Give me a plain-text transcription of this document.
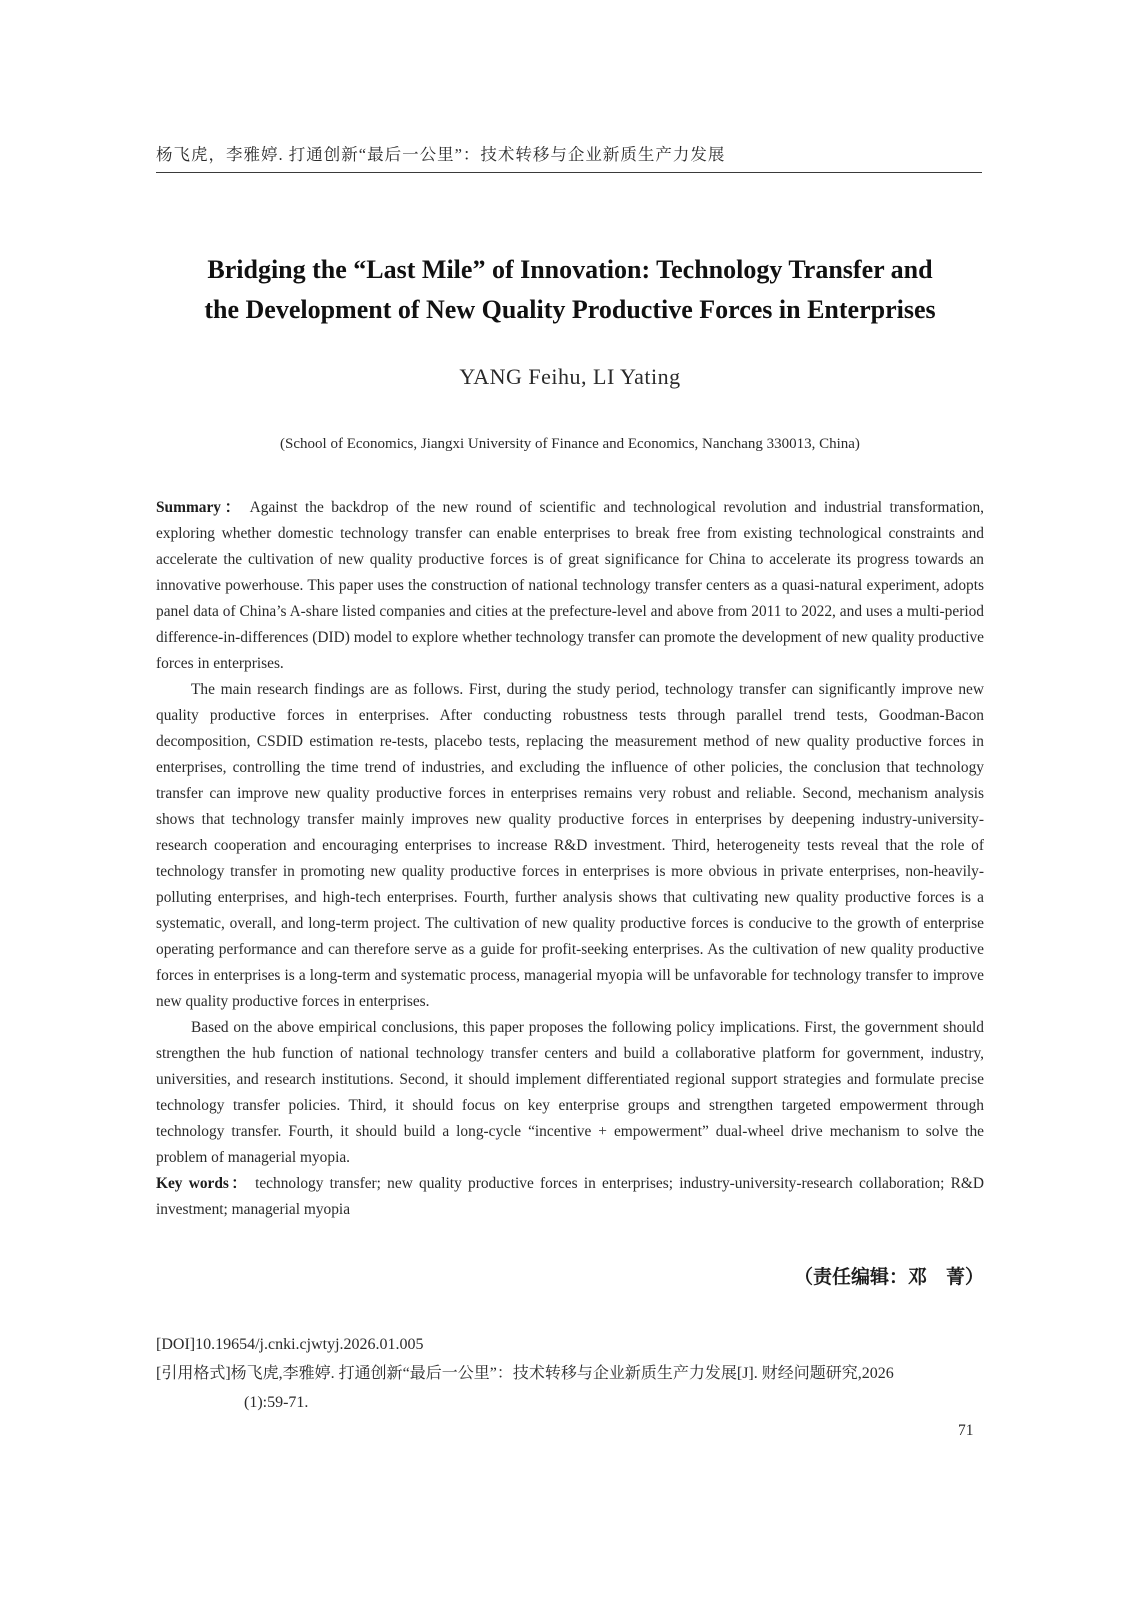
杨飞虎，李雅婷. 打通创新“最后一公里”：技术转移与企业新质生产力发展
Bridging the “Last Mile” of Innovation: Technology Transfer and
the Development of New Quality Productive Forces in Enterprises
YANG Feihu, LI Yating
(School of Economics, Jiangxi University of Finance and Economics, Nanchang 330013, China)

Summary： Against the backdrop of the new round of scientific and technological revolution and industrial transformation, exploring whether domestic technology transfer can enable enterprises to break free from existing technological constraints and accelerate the cultivation of new quality productive forces is of great significance for China to accelerate its progress towards an innovative powerhouse. This paper uses the construction of national technology transfer centers as a quasi-natural experiment, adopts panel data of China’s A-share listed companies and cities at the prefecture-level and above from 2011 to 2022, and uses a multi-period difference-in-differences (DID) model to explore whether technology transfer can promote the development of new quality productive forces in enterprises.

The main research findings are as follows. First, during the study period, technology transfer can significantly improve new quality productive forces in enterprises. After conducting robustness tests through parallel trend tests, Goodman-Bacon decomposition, CSDID estimation re-tests, placebo tests, replacing the measurement method of new quality productive forces in enterprises, controlling the time trend of industries, and excluding the influence of other policies, the conclusion that technology transfer can improve new quality productive forces in enterprises remains very robust and reliable. Second, mechanism analysis shows that technology transfer mainly improves new quality productive forces in enterprises by deepening industry-university-research cooperation and encouraging enterprises to increase R&D investment. Third, heterogeneity tests reveal that the role of technology transfer in promoting new quality productive forces in enterprises is more obvious in private enterprises, non-heavily-polluting enterprises, and high-tech enterprises. Fourth, further analysis shows that cultivating new quality productive forces is a systematic, overall, and long-term project. The cultivation of new quality productive forces is conducive to the growth of enterprise operating performance and can therefore serve as a guide for profit-seeking enterprises. As the cultivation of new quality productive forces in enterprises is a long-term and systematic process, managerial myopia will be unfavorable for technology transfer to improve new quality productive forces in enterprises.

Based on the above empirical conclusions, this paper proposes the following policy implications. First, the government should strengthen the hub function of national technology transfer centers and build a collaborative platform for government, industry, universities, and research institutions. Second, it should implement differentiated regional support strategies and formulate precise technology transfer policies. Third, it should focus on key enterprise groups and strengthen targeted empowerment through technology transfer. Fourth, it should build a long-cycle “incentive + empowerment” dual-wheel drive mechanism to solve the problem of managerial myopia.

Key words： technology transfer; new quality productive forces in enterprises; industry-university-research collaboration; R&D investment; managerial myopia

（责任编辑：邓　菁）
[DOI]10.19654/j.cnki.cjwtyj.2026.01.005
[引用格式]杨飞虎,李雅婷. 打通创新“最后一公里”：技术转移与企业新质生产力发展[J]. 财经问题研究,2026
(1):59-71.
71
